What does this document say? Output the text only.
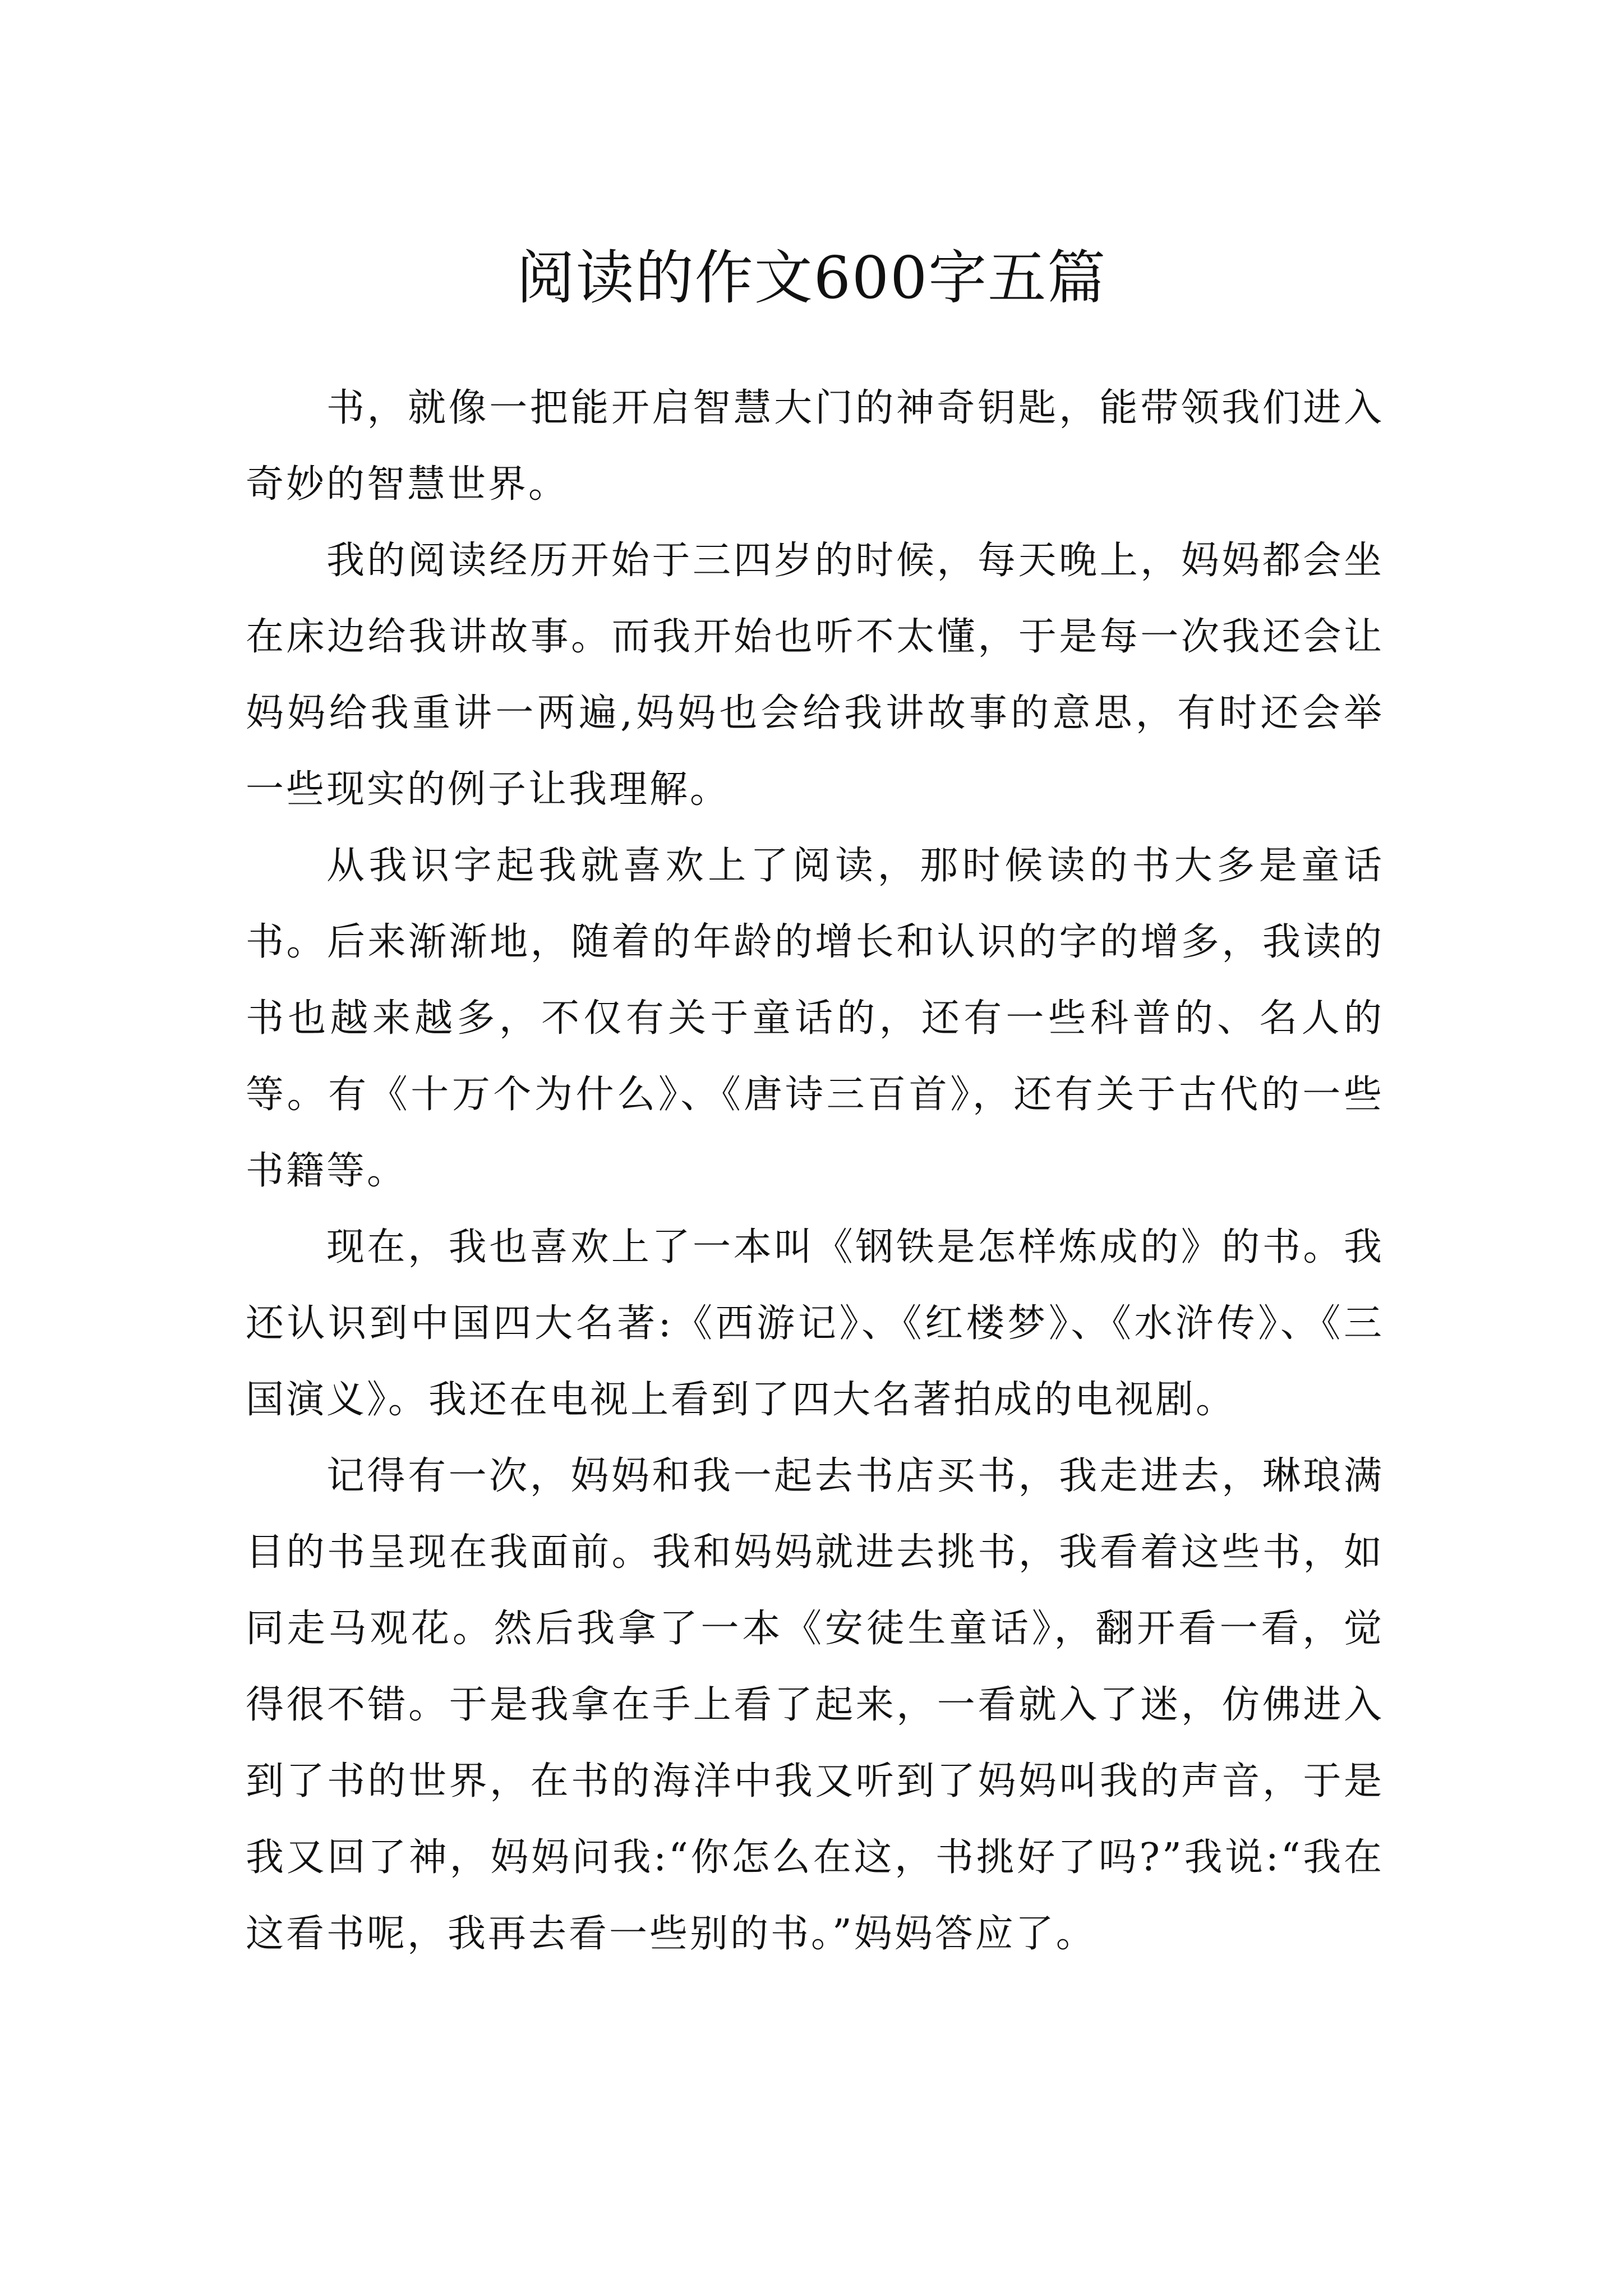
阅读的作文600字五篇

书，就像一把能开启智慧大门的神奇钥匙，能带领我们进入奇妙的智慧世界。

我的阅读经历开始于三四岁的时候，每天晚上，妈妈都会坐在床边给我讲故事。而我开始也听不太懂，于是每一次我还会让妈妈给我重讲一两遍,妈妈也会给我讲故事的意思，有时还会举一些现实的例子让我理解。

从我识字起我就喜欢上了阅读，那时候读的书大多是童话书。后来渐渐地，随着的年龄的增长和认识的字的增多，我读的书也越来越多，不仅有关于童话的，还有一些科普的、名人的等。有《十万个为什么》、《唐诗三百首》，还有关于古代的一些书籍等。

现在，我也喜欢上了一本叫《钢铁是怎样炼成的》的书。我还认识到中国四大名著:《西游记》、《红楼梦》、《水浒传》、《三国演义》。我还在电视上看到了四大名著拍成的电视剧。

记得有一次，妈妈和我一起去书店买书，我走进去，琳琅满目的书呈现在我面前。我和妈妈就进去挑书，我看着这些书，如同走马观花。然后我拿了一本《安徒生童话》，翻开看一看，觉得很不错。于是我拿在手上看了起来，一看就入了迷，仿佛进入到了书的世界，在书的海洋中我又听到了妈妈叫我的声音，于是我又回了神，妈妈问我:“你怎么在这，书挑好了吗?”我说:“我在这看书呢，我再去看一些别的书。”妈妈答应了。
